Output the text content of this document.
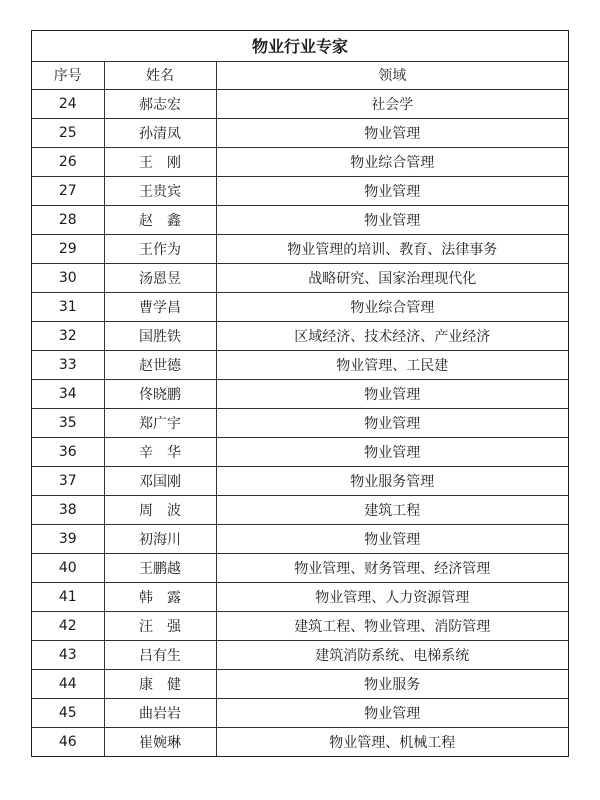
物业行业专家		
序号	姓名	领域
24	郝志宏	社会学
25	孙清凤	物业管理
26	王　刚	物业综合管理
27	王贵宾	物业管理
28	赵　鑫	物业管理
29	王作为	物业管理的培训、教育、法律事务
30	汤恩昱	战略研究、国家治理现代化
31	曹学昌	物业综合管理
32	国胜铁	区域经济、技术经济、产业经济
33	赵世德	物业管理、工民建
34	佟晓鹏	物业管理
35	郑广宇	物业管理
36	辛　华	物业管理
37	邓国刚	物业服务管理
38	周　波	建筑工程
39	初海川	物业管理
40	王鹏越	物业管理、财务管理、经济管理
41	韩　露	物业管理、人力资源管理
42	汪　强	建筑工程、物业管理、消防管理
43	吕有生	建筑消防系统、电梯系统
44	康　健	物业服务
45	曲岩岩	物业管理
46	崔婉琳	物业管理、机械工程
